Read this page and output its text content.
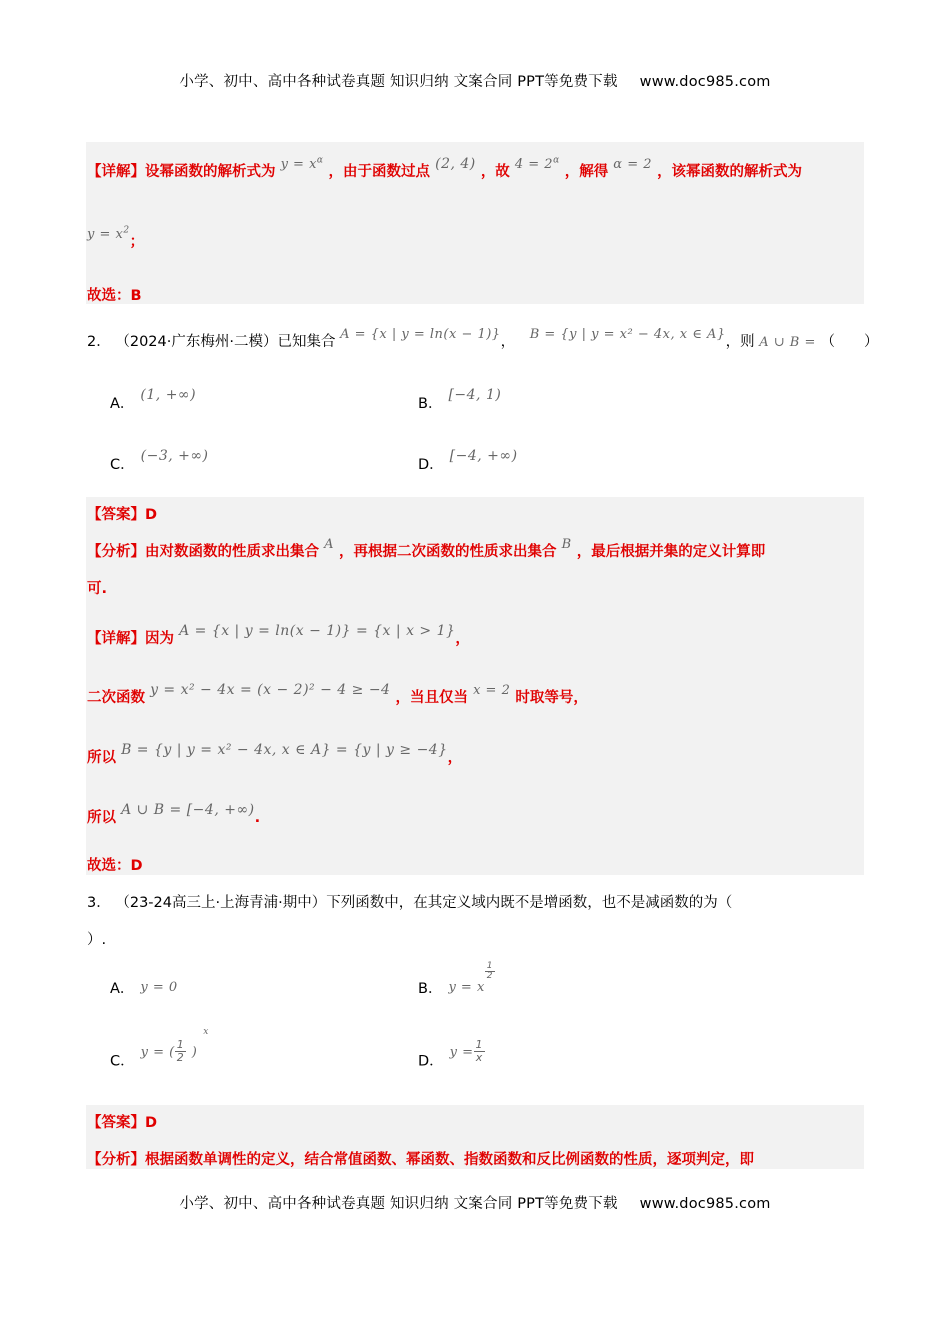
小学、初中、高中各种试卷真题 知识归纳 文案合同 PPT等免费下载 www.doc985.com
【详解】设幂函数的解析式为 $y = x^\alpha$ ，由于函数过点 (2, 4) ，故 $4 = 2^\alpha$ ，解得 α = 2 ，该幂函数的解析式为
$y = x^2$；
故选：B
2． （2024·广东梅州·二模）已知集合 A = {x | y = ln(x − 1)}， B = {y | y = x² − 4x, x ∈ A}，则 A ∪ B = （　　）
A．(1, +∞)
B．[−4, 1)
C．(−3, +∞)
D．[−4, +∞)
【答案】D
【分析】由对数函数的性质求出集合 A ，再根据二次函数的性质求出集合 B ，最后根据并集的定义计算即
可.
【详解】因为 A = {x | y = ln(x − 1)} = {x | x > 1}，
二次函数 y = x² − 4x = (x − 2)² − 4 ≥ −4 ，当且仅当 x = 2 时取等号，
所以 B = {y | y = x² − 4x, x ∈ A} = {y | y ≥ −4}，
所以 A ∪ B = [−4, +∞).
故选：D
3． （23-24高三上·上海青浦·期中）下列函数中，在其定义域内既不是增函数，也不是减函数的为（
）.
A． y = 0	B． y = x
$\frac{1}{2}$
C．y = ( $\frac{1}{2} )^x$
D．$y = \frac{1}{x}$
【答案】D
【分析】根据函数单调性的定义，结合常值函数、幂函数、指数函数和反比例函数的性质，逐项判定，即
小学、初中、高中各种试卷真题 知识归纳 文案合同 PPT等免费下载 www.doc985.com
